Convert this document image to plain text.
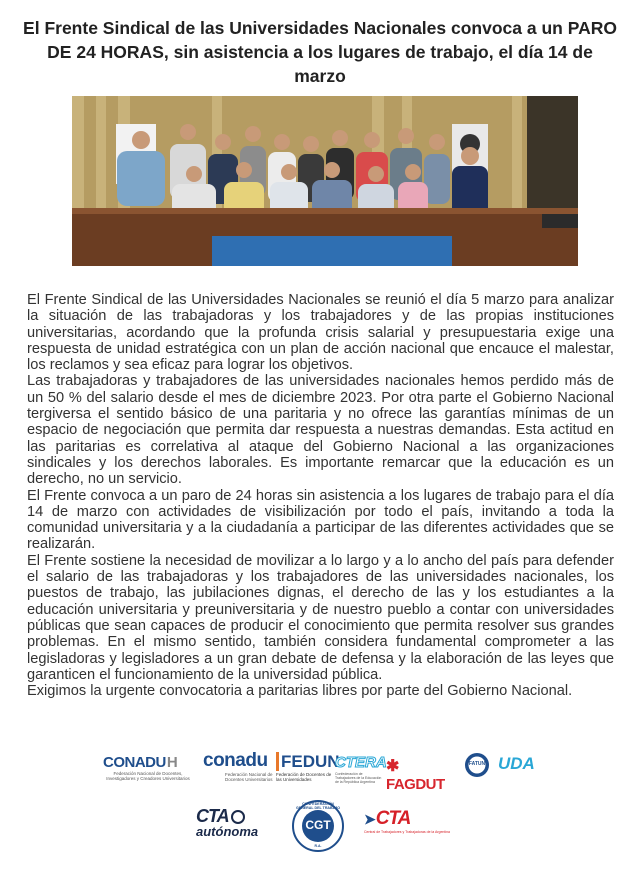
El Frente Sindical de las Universidades Nacionales convoca a un PARO DE 24 HORAS, sin asistencia a los lugares de trabajo, el día 14 de marzo

El Frente Sindical de las Universidades Nacionales se reunió el día 5 marzo para analizar la situación de las trabajadoras y los trabajadores y de las propias instituciones universitarias, acordando que la profunda crisis salarial y presupuestaria exige una respuesta de unidad estratégica con un plan de acción nacional que encauce el malestar, los reclamos y sea eficaz para lograr los objetivos.

Las trabajadoras y trabajadores de las universidades nacionales hemos perdido más de un 50 % del salario desde el mes de diciembre 2023. Por otra parte el Gobierno Nacional tergiversa el sentido básico de una paritaria y no ofrece las garantías mínimas de un espacio de negociación que permita dar respuesta a nuestras demandas. Esta actitud en las paritarias es correlativa al ataque del Gobierno Nacional a las organizaciones sindicales y los derechos laborales. Es importante remarcar que la educación es un derecho, no un servicio.

El Frente convoca a un paro de 24 horas sin asistencia a los lugares de trabajo para el día 14 de marzo con actividades de visibilización por todo el país, invitando a toda la comunidad universitaria y a la ciudadanía a participar de las diferentes actividades que se realizarán.

El Frente sostiene la necesidad de movilizar a lo largo y a lo ancho del país para defender el salario de las trabajadoras y los trabajadores de las universidades nacionales, los puestos de trabajo, las jubilaciones dignas, el derecho de las y los estudiantes a la educación universitaria y preuniversitaria y de nuestro pueblo a contar con universidades públicas que sean capaces de producir el conocimiento que permita resolver sus grandes problemas. En el mismo sentido, también considera fundamental comprometer a las legisladoras y legisladores a un gran debate de defensa y la elaboración de las leyes que garanticen el funcionamiento de la universidad pública.

Exigimos la urgente convocatoria a paritarias libres por parte del Gobierno Nacional.

CONADU H
Federación Nacional de Docentes, Investigadores y Creadores Universitarios
conadu
Federación Nacional de Docentes Universitarios
FEDUN
Federación de Docentes de las Universidades
CTERA
Confederación de Trabajadores de la Educación de la República Argentina
✱ FAGDUT
FATUN UDA
CTA
autónoma	CGT
CONFEDERACIÓN GENERAL DEL TRABAJO
R.A.
➤ CTA
Central de Trabajadores y Trabajadoras de la Argentina
